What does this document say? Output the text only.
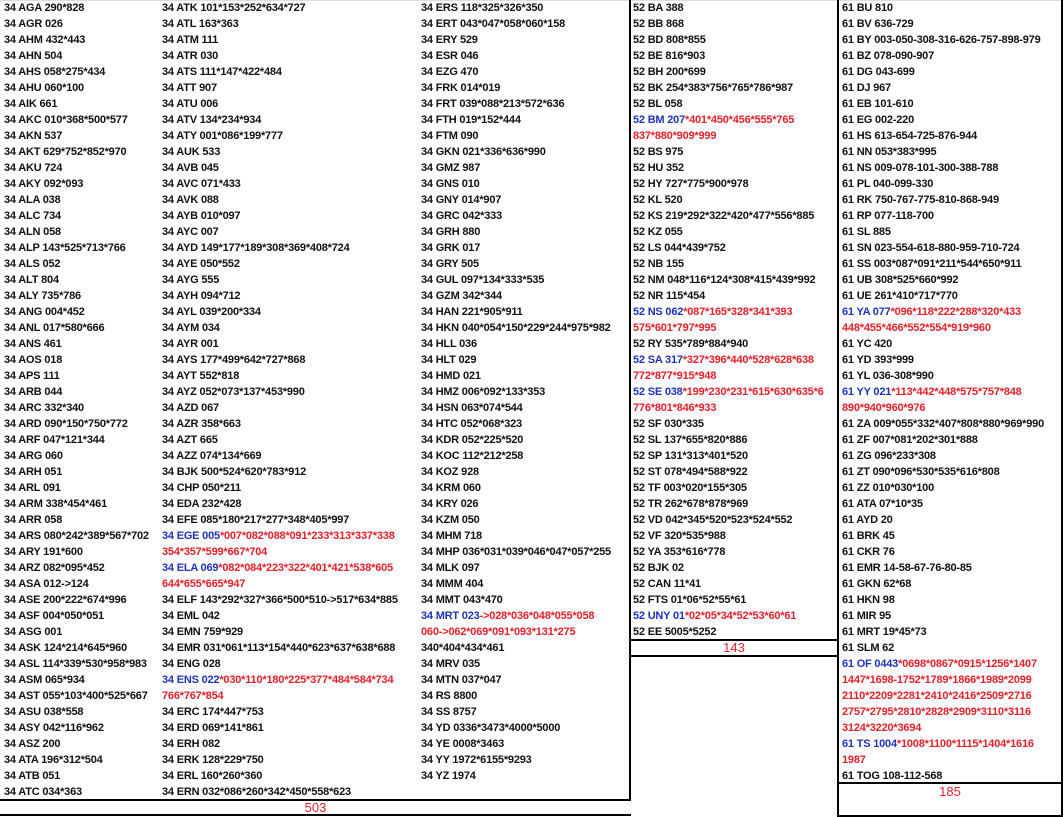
34 AGA 290*828
34 AGR 026
34 AHM 432*443
34 AHN 504
34 AHS 058*275*434
34 AHU 060*100
34 AIK 661
34 AKC 010*368*500*577
34 AKN 537
34 AKT 629*752*852*970
34 AKU 724
34 AKY 092*093
34 ALA 038
34 ALC 734
34 ALN 058
34 ALP 143*525*713*766
34 ALS 052
34 ALT 804
34 ALY 735*786
34 ANG 004*452
34 ANL 017*580*666
34 ANS 461
34 AOS 018
34 APS 111
34 ARB 044
34 ARC 332*340
34 ARD 090*150*750*772
34 ARF 047*121*344
34 ARG 060
34 ARH 051
34 ARL 091
34 ARM 338*454*461
34 ARR 058
34 ARS 080*242*389*567*702
34 ARY 191*600
34 ARZ 082*095*452
34 ASA 012->124
34 ASE 200*222*674*996
34 ASF 004*050*051
34 ASG 001
34 ASK 124*214*645*960
34 ASL 114*339*530*958*983
34 ASM 065*934
34 AST 055*103*400*525*667
34 ASU 038*558
34 ASY 042*116*962
34 ASZ 200
34 ATA 196*312*504
34 ATB 051
34 ATC 034*363
34 ATK 101*153*252*634*727
34 ATL 163*363
34 ATM 111
34 ATR 030
34 ATS 111*147*422*484
34 ATT 907
34 ATU 006
34 ATV 134*234*934
34 ATY 001*086*199*777
34 AUK 533
34 AVB 045
34 AVC 071*433
34 AVK 088
34 AYB 010*097
34 AYC 007
34 AYD 149*177*189*308*369*408*724
34 AYE 050*552
34 AYG 555
34 AYH 094*712
34 AYL 039*200*334
34 AYM 034
34 AYR 001
34 AYS 177*499*642*727*868
34 AYT 552*818
34 AYZ 052*073*137*453*990
34 AZD 067
34 AZR 358*663
34 AZT 665
34 AZZ 074*134*669
34 BJK 500*524*620*783*912
34 CHP 050*211
34 EDA 232*428
34 EFE 085*180*217*277*348*405*997
34 EGE 005*007*082*088*091*233*313*337*338
354*357*599*667*704
34 ELA 069*082*084*223*322*401*421*538*605
644*655*665*947
34 ELF 143*292*327*366*500*510->517*634*885
34 EML 042
34 EMN 759*929
34 EMR 031*061*113*154*440*623*637*638*688
34 ENG 028
34 ENS 022*030*110*180*225*377*484*584*734
766*767*854
34 ERC 174*447*753
34 ERD 069*141*861
34 ERH 082
34 ERK 128*229*750
34 ERL 160*260*360
34 ERN 032*086*260*342*450*558*623
34 ERS 118*325*326*350
34 ERT 043*047*058*060*158
34 ERY 529
34 ESR 046
34 EZG 470
34 FRK 014*019
34 FRT 039*088*213*572*636
34 FTH 019*152*444
34 FTM 090
34 GKN 021*336*636*990
34 GMZ 987
34 GNS 010
34 GNY 014*907
34 GRC 042*333
34 GRH 880
34 GRK 017
34 GRY 505
34 GUL 097*134*333*535
34 GZM 342*344
34 HAN 221*905*911
34 HKN 040*054*150*229*244*975*982
34 HLL 036
34 HLT 029
34 HMD 021
34 HMZ 006*092*133*353
34 HSN 063*074*544
34 HTC 052*068*323
34 KDR 052*225*520
34 KOC 112*212*258
34 KOZ 928
34 KRM 060
34 KRY 026
34 KZM 050
34 MHM 718
34 MHP 036*031*039*046*047*057*255
34 MLK 097
34 MMM 404
34 MMT 043*470
34 MRT 023->028*036*048*055*058
060->062*069*091*093*131*275
340*404*434*461
34 MRV 035
34 MTN 037*047
34 RS 8800
34 SS 8757
34 YD 0336*3473*4000*5000
34 YE 0008*3463
34 YY 1972*6155*9293
34 YZ 1974
52 BA 388
52 BB 868
52 BD 808*855
52 BE 816*903
52 BH 200*699
52 BK 254*383*756*765*786*987
52 BL 058
52 BM 207*401*450*456*555*765
837*880*909*999
52 BS 975
52 HU 352
52 HY 727*775*900*978
52 KL 520
52 KS 219*292*322*420*477*556*885
52 KZ 055
52 LS 044*439*752
52 NB 155
52 NM 048*116*124*308*415*439*992
52 NR 115*454
52 NS 062*087*165*328*341*393
575*601*797*995
52 RY 535*789*884*940
52 SA 317*327*396*440*528*628*638
772*877*915*948
52 SE 038*199*230*231*615*630*635*6
776*801*846*933
52 SF 030*335
52 SL 137*655*820*886
52 SP 131*313*401*520
52 ST 078*494*588*922
52 TF 003*020*155*305
52 TR 262*678*878*969
52 VD 042*345*520*523*524*552
52 VF 320*535*988
52 YA 353*616*778
52 BJK 02
52 CAN 11*41
52 FTS 01*06*52*55*61
52 UNY 01*02*05*34*52*53*60*61
52 EE 5005*5252
61 BU 810
61 BV 636-729
61 BY 003-050-308-316-626-757-898-979
61 BZ 078-090-907
61 DG 043-699
61 DJ 967
61 EB 101-610
61 EG 002-220
61 HS 613-654-725-876-944
61 NN 053*383*995
61 NS 009-078-101-300-388-788
61 PL 040-099-330
61 RK 750-767-775-810-868-949
61 RP 077-118-700
61 SL 885
61 SN 023-554-618-880-959-710-724
61 SS 003*087*091*211*544*650*911
61 UB 308*525*660*992
61 UE 261*410*717*770
61 YA 077*096*118*222*288*320*433
448*455*466*552*554*919*960
61 YC 420
61 YD 393*999
61 YL 036-308*990
61 YY 021*113*442*448*575*757*848
890*940*960*976
61 ZA 009*055*332*407*808*880*969*990
61 ZF 007*081*202*301*888
61 ZG 096*233*308
61 ZT 090*096*530*535*616*808
61 ZZ 010*030*100
61 ATA 07*10*35
61 AYD 20
61 BRK 45
61 CKR 76
61 EMR 14-58-67-76-80-85
61 GKN 62*68
61 HKN 98
61 MIR 95
61 MRT 19*45*73
61 SLM 62
61 OF 0443*0698*0867*0915*1256*1407
1447*1698-1752*1789*1866*1989*2099
2110*2209*2281*2410*2416*2509*2716
2757*2795*2810*2828*2909*3110*3116
3124*3220*3694
61 TS 1004*1008*1100*1115*1404*1616
1987
61 TOG 108-112-568
503
143
185
